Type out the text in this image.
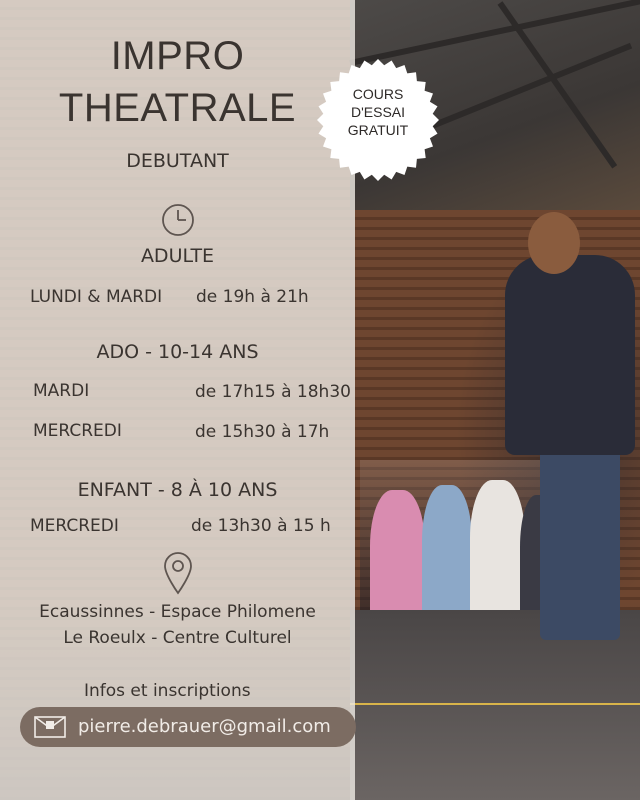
IMPRO
THEATRALE
DEBUTANT
ADULTE
LUNDI & MARDI de 19h à 21h
ADO - 10-14 ANS
MARDI	de 17h15 à 18h30
MERCREDI	de 15h30 à 17h
ENFANT - 8 À 10 ANS
MERCREDI	de 13h30 à 15 h
Ecaussinnes - Espace Philomene
Le Roeulx - Centre Culturel
Infos et inscriptions
pierre.debrauer@gmail.com
COURS
D'ESSAI
GRATUIT
